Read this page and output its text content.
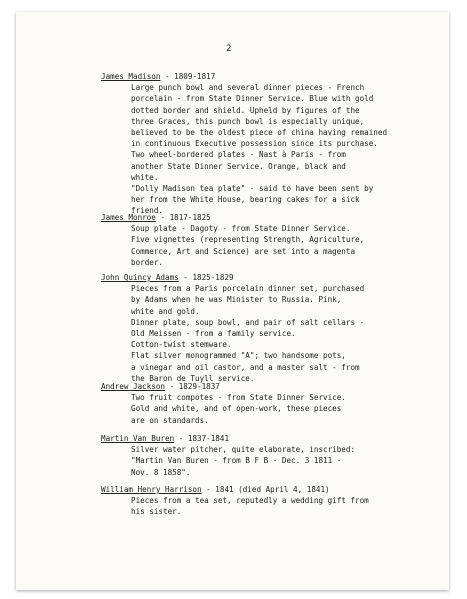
2
James Madison - 1809-1817
Large punch bowl and several dinner pieces - French
porcelain - from State Dinner Service. Blue with gold
dotted border and shield. Upheld by figures of the
three Graces, this punch bowl is especially unique,
believed to be the oldest piece of china having remained
in continuous Executive possession since its purchase.
Two wheel-bordered plates - Nast à Paris - from
another State Dinner Service. Orange, black and
white.
"Dolly Madison tea plate" - said to have been sent by
her from the White House, bearing cakes for a sick
friend.
James Monroe - 1817-1825
Soup plate - Dagoty - from State Dinner Service.
Five vignettes (representing Strength, Agriculture,
Commerce, Art and Science) are set into a magenta
border.
John Quincy Adams - 1825-1829
Pieces from a Paris porcelain dinner set, purchased
by Adams when he was Minister to Russia. Pink,
white and gold.
Dinner plate, soup bowl, and pair of salt cellars -
Old Meissen - from a family service.
Cotton-twist stemware.
Flat silver monogrammed "A"; two handsome pots,
a vinegar and oil castor, and a master salt - from
the Baron de Tuyll service.
Andrew Jackson - 1829-1837
Two fruit compotes - from State Dinner Service.
Gold and white, and of open-work, these pieces
are on standards.
Martin Van Buren - 1837-1841
Silver water pitcher, quite elaborate, inscribed:
"Martin Van Buren - from B F B - Dec. 3 1811 -
Nov. 8 1858".
William Henry Harrison - 1841 (died April 4, 1841)
Pieces from a tea set, reputedly a wedding gift from
his sister.
